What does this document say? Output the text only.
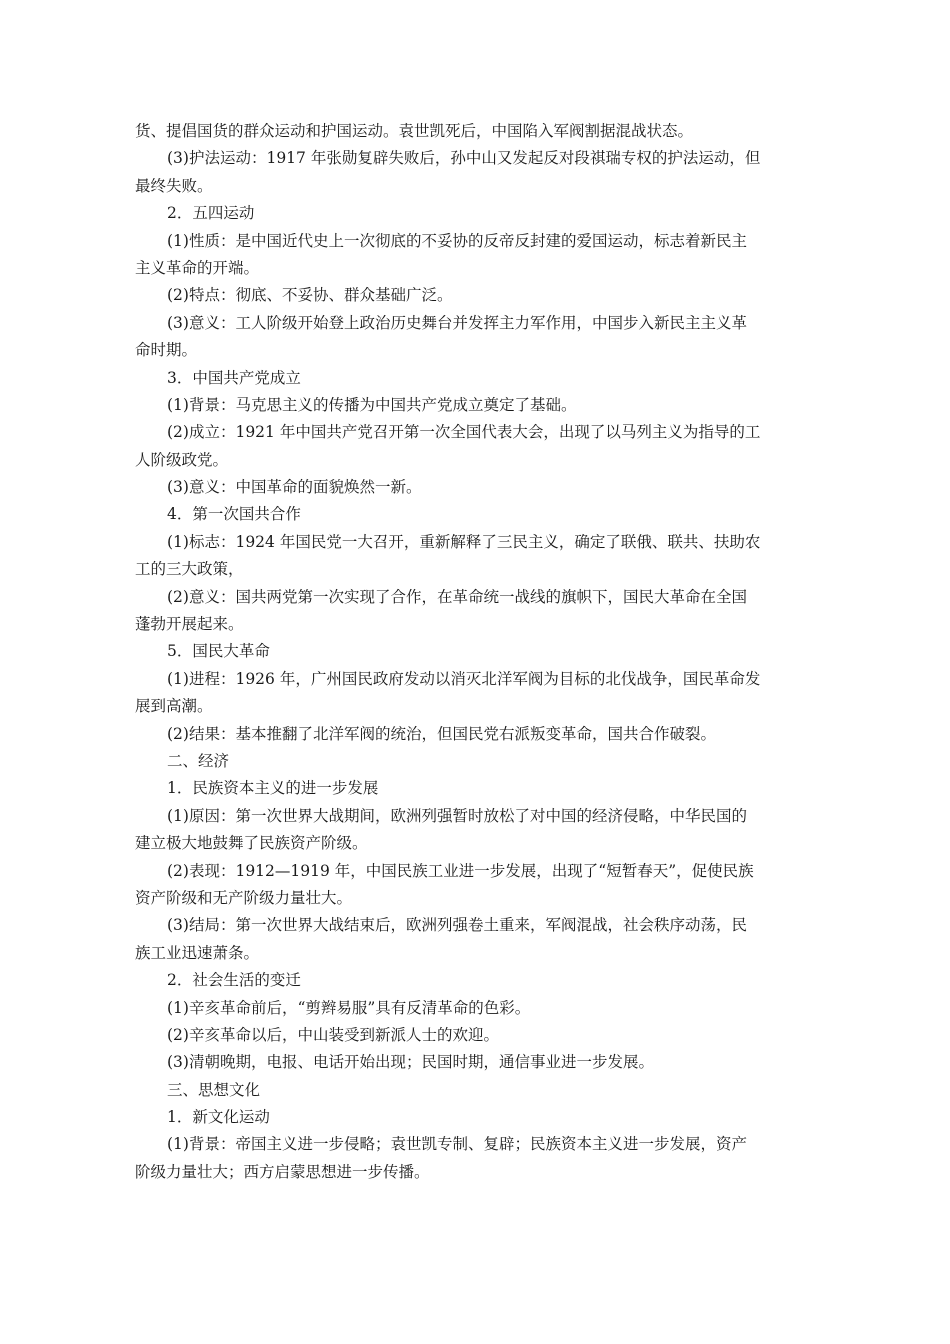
货、提倡国货的群众运动和护国运动。袁世凯死后，中国陷入军阀割据混战状态。
(3)护法运动：1917 年张勋复辟失败后，孙中山又发起反对段祺瑞专权的护法运动，但
最终失败。
2．五四运动
(1)性质：是中国近代史上一次彻底的不妥协的反帝反封建的爱国运动，标志着新民主
主义革命的开端。
(2)特点：彻底、不妥协、群众基础广泛。
(3)意义：工人阶级开始登上政治历史舞台并发挥主力军作用，中国步入新民主主义革
命时期。
3．中国共产党成立
(1)背景：马克思主义的传播为中国共产党成立奠定了基础。
(2)成立：1921 年中国共产党召开第一次全国代表大会，出现了以马列主义为指导的工
人阶级政党。
(3)意义：中国革命的面貌焕然一新。
4．第一次国共合作
(1)标志：1924 年国民党一大召开，重新解释了三民主义，确定了联俄、联共、扶助农
工的三大政策，
(2)意义：国共两党第一次实现了合作，在革命统一战线的旗帜下，国民大革命在全国
蓬勃开展起来。
5．国民大革命
(1)进程：1926 年，广州国民政府发动以消灭北洋军阀为目标的北伐战争，国民革命发
展到高潮。
(2)结果：基本推翻了北洋军阀的统治，但国民党右派叛变革命，国共合作破裂。
二、经济
1．民族资本主义的进一步发展
(1)原因：第一次世界大战期间，欧洲列强暂时放松了对中国的经济侵略，中华民国的
建立极大地鼓舞了民族资产阶级。
(2)表现：1912—1919 年，中国民族工业进一步发展，出现了“短暂春天”，促使民族
资产阶级和无产阶级力量壮大。
(3)结局：第一次世界大战结束后，欧洲列强卷土重来，军阀混战，社会秩序动荡，民
族工业迅速萧条。
2．社会生活的变迁
(1)辛亥革命前后，“剪辫易服”具有反清革命的色彩。
(2)辛亥革命以后，中山装受到新派人士的欢迎。
(3)清朝晚期，电报、电话开始出现；民国时期，通信事业进一步发展。
三、思想文化
1．新文化运动
(1)背景：帝国主义进一步侵略；袁世凯专制、复辟；民族资本主义进一步发展，资产
阶级力量壮大；西方启蒙思想进一步传播。
